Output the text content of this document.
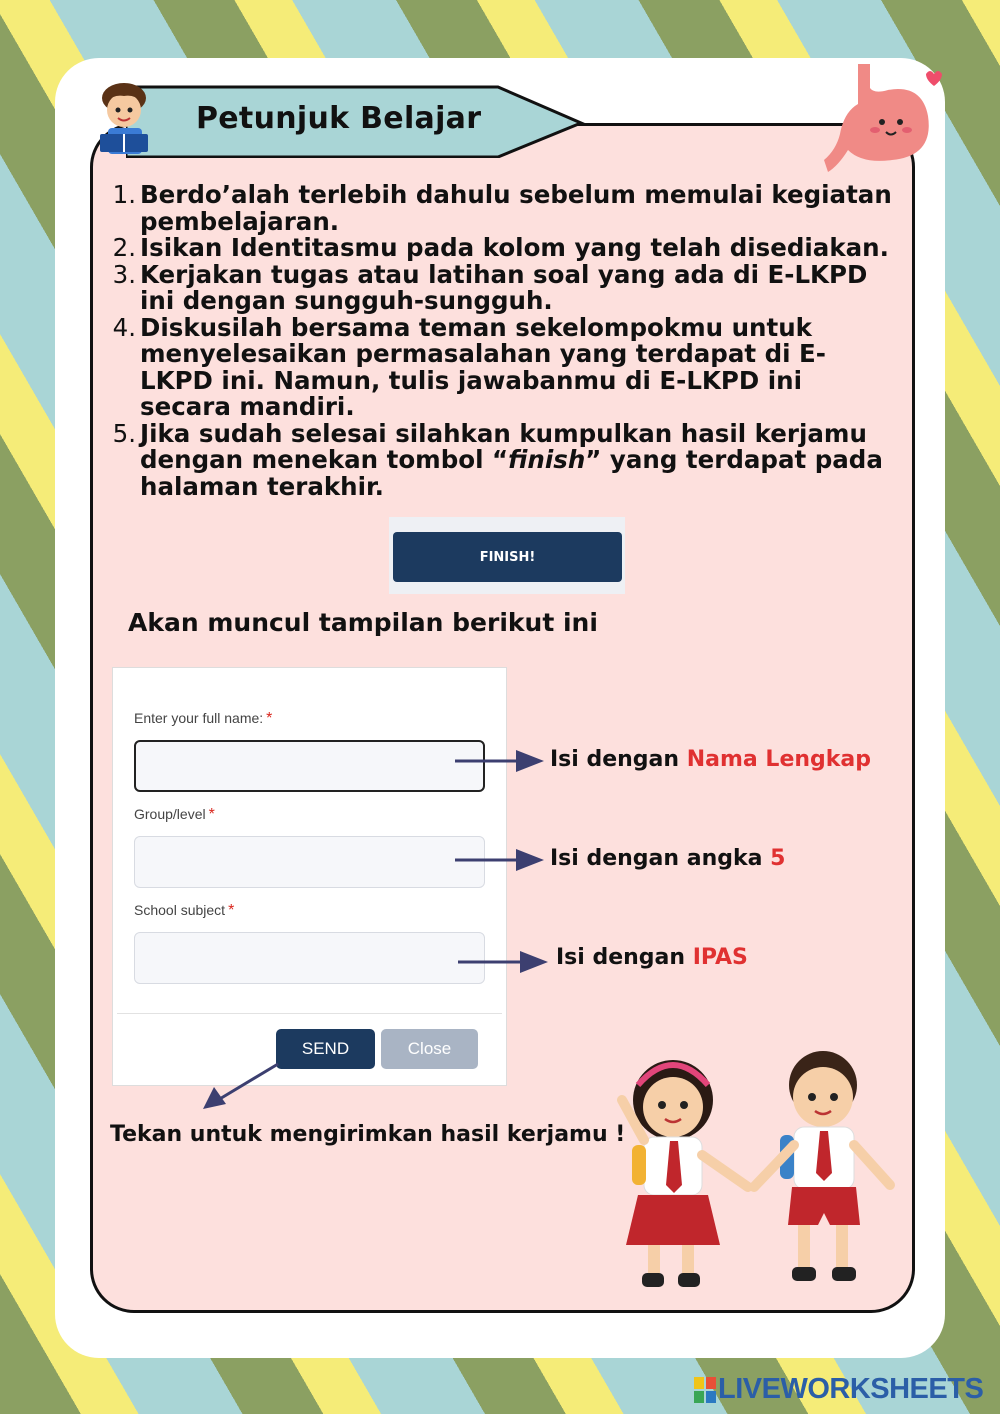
Petunjuk Belajar
1. Berdo’alah terlebih dahulu sebelum memulai kegiatan pembelajaran.
2. Isikan Identitasmu pada kolom yang telah disediakan.
3. Kerjakan tugas atau latihan soal yang ada di E-LKPD ini dengan sungguh-sungguh.
4. Diskusilah bersama teman sekelompokmu untuk menyelesaikan permasalahan yang terdapat di E-LKPD ini. Namun, tulis jawabanmu di E-LKPD ini secara mandiri.
5. Jika sudah selesai silahkan kumpulkan hasil kerjamu dengan menekan tombol “finish” yang terdapat pada halaman terakhir.
FINISH!
Akan muncul tampilan berikut ini
Enter your full name: *
Group/level *
School subject *
SEND	Close
Isi dengan Nama Lengkap
Isi dengan angka 5
Isi dengan IPAS
Tekan untuk mengirimkan hasil kerjamu !
LIVEWORKSHEETS
